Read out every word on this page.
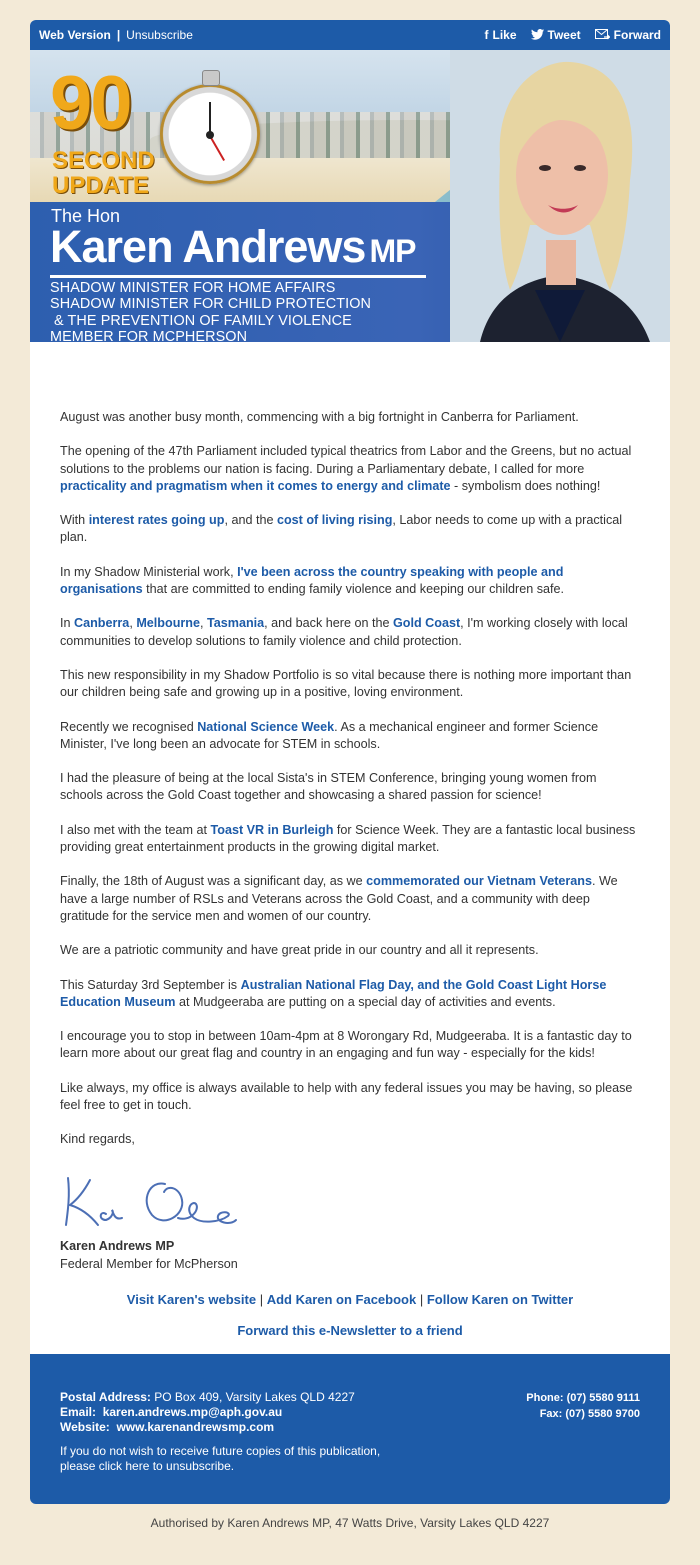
Web Version | Unsubscribe	f Like	Tweet	Forward
90
SECOND
UPDATE
The Hon
Karen Andrews MP
SHADOW MINISTER FOR HOME AFFAIRS
SHADOW MINISTER FOR CHILD PROTECTION
& THE PREVENTION OF FAMILY VIOLENCE
MEMBER FOR MCPHERSON

August was another busy month, commencing with a big fortnight in Canberra for Parliament.

The opening of the 47th Parliament included typical theatrics from Labor and the Greens, but no actual solutions to the problems our nation is facing. During a Parliamentary debate, I called for more practicality and pragmatism when it comes to energy and climate - symbolism does nothing!

With interest rates going up, and the cost of living rising, Labor needs to come up with a practical plan.

In my Shadow Ministerial work, I've been across the country speaking with people and organisations that are committed to ending family violence and keeping our children safe.

In Canberra, Melbourne, Tasmania, and back here on the Gold Coast, I'm working closely with local communities to develop solutions to family violence and child protection.

This new responsibility in my Shadow Portfolio is so vital because there is nothing more important than our children being safe and growing up in a positive, loving environment.

Recently we recognised National Science Week. As a mechanical engineer and former Science Minister, I've long been an advocate for STEM in schools.

I had the pleasure of being at the local Sista's in STEM Conference, bringing young women from schools across the Gold Coast together and showcasing a shared passion for science!

I also met with the team at Toast VR in Burleigh for Science Week. They are a fantastic local business providing great entertainment products in the growing digital market.

Finally, the 18th of August was a significant day, as we commemorated our Vietnam Veterans. We have a large number of RSLs and Veterans across the Gold Coast, and a community with deep gratitude for the service men and women of our country.

We are a patriotic community and have great pride in our country and all it represents.

This Saturday 3rd September is Australian National Flag Day, and the Gold Coast Light Horse Education Museum at Mudgeeraba are putting on a special day of activities and events.

I encourage you to stop in between 10am-4pm at 8 Worongary Rd, Mudgeeraba. It is a fantastic day to learn more about our great flag and country in an engaging and fun way - especially for the kids!

Like always, my office is always available to help with any federal issues you may be having, so please feel free to get in touch.

Kind regards,

Karen Andrews MP
Federal Member for McPherson
Visit Karen's website | Add Karen on Facebook | Follow Karen on Twitter
Forward this e-Newsletter to a friend
Postal Address: PO Box 409, Varsity Lakes QLD 4227
Email: karen.andrews.mp@aph.gov.au
Website: www.karenandrewsmp.com
Phone: (07) 5580 9111
Fax: (07) 5580 9700
If you do not wish to receive future copies of this publication, please click here to unsubscribe.
Authorised by Karen Andrews MP, 47 Watts Drive, Varsity Lakes QLD 4227
